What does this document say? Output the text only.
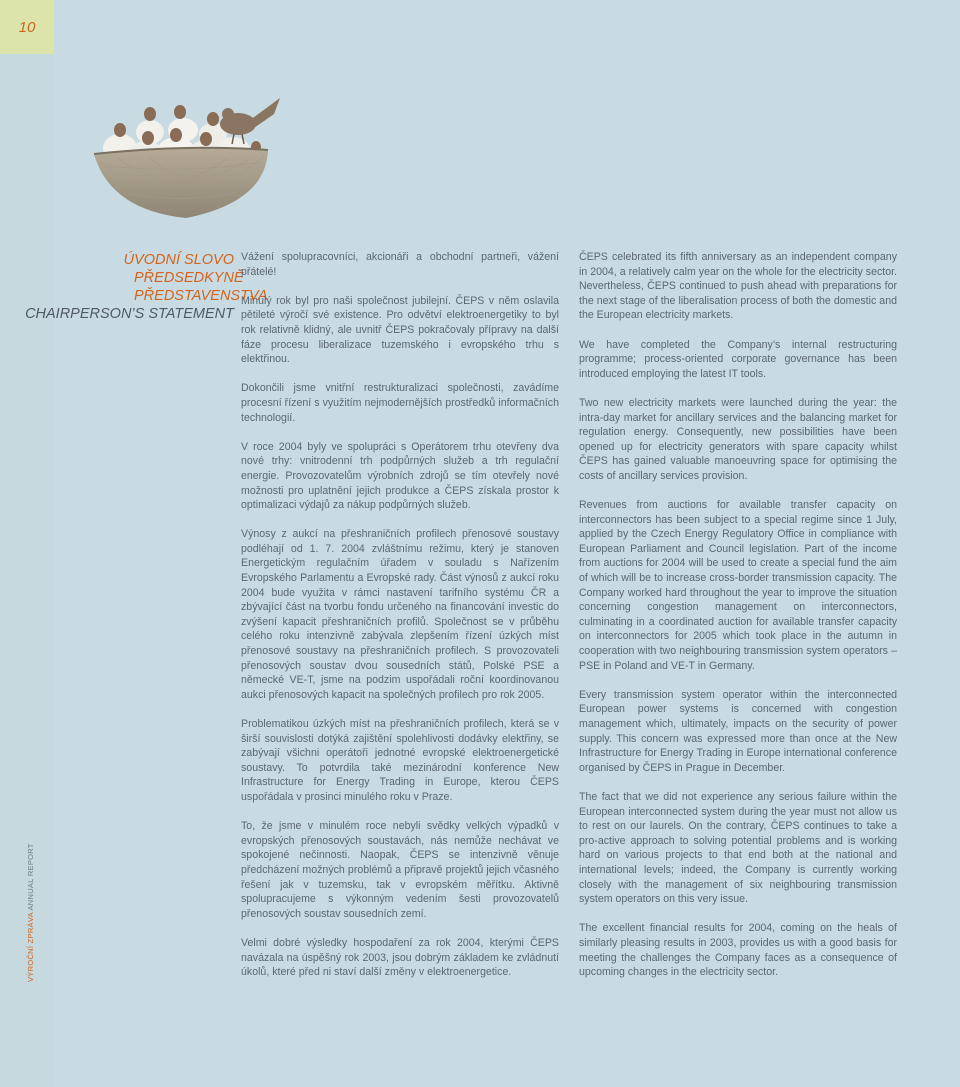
10
VÝROČNÍ ZPRÁVA ANNUAL REPORT
ÚVODNÍ SLOVO
PŘEDSEDKYNĚ PŘEDSTAVENSTVA
CHAIRPERSON’S STATEMENT

Vážení spolupracovníci, akcionáři a obchodní partneři, vážení přátelé!

Minulý rok byl pro naši společnost jubilejní. ČEPS v něm oslavila pětileté výročí své existence. Pro odvětví elektroenergetiky to byl rok relativně klidný, ale uvnitř ČEPS pokračovaly přípravy na další fáze procesu liberalizace tuzemského i evropského trhu s elektřinou.

Dokončili jsme vnitřní restrukturalizaci společnosti, zavádíme procesní řízení s využitím nejmodernějších prostředků informačních technologií.

V roce 2004 byly ve spolupráci s Operátorem trhu otevřeny dva nové trhy: vnitrodenní trh podpůrných služeb a trh regulační energie. Provozovatelům výrobních zdrojů se tím otevřely nové možnosti pro uplatnění jejich produkce a ČEPS získala prostor k optimalizaci výdajů za nákup podpůrných služeb.

Výnosy z aukcí na přeshraničních profilech přenosové soustavy podléhají od 1. 7. 2004 zvláštnímu režimu, který je stanoven Energetickým regulačním úřadem v souladu s Nařízením Evropského Parlamentu a Evropské rady. Část výnosů z aukcí roku 2004 bude využita v rámci nastavení tarifního systému ČR a zbývající část na tvorbu fondu určeného na financování investic do zvýšení kapacit přeshraničních profilů. Společnost se v průběhu celého roku intenzivně zabývala zlepšením řízení úzkých míst přenosové soustavy na přeshraničních profilech. S provozovateli přenosových soustav dvou sousedních států, Polské PSE a německé VE-T, jsme na podzim uspořádali roční koordinovanou aukci přenosových kapacit na společných profilech pro rok 2005.

Problematikou úzkých míst na přeshraničních profilech, která se v širší souvislosti dotýká zajištění spolehlivosti dodávky elektřiny, se zabývají všichni operátoři jednotné evropské elektroenergetické soustavy. To potvrdila také mezinárodní konference New Infrastructure for Energy Trading in Europe, kterou ČEPS uspořádala v prosinci minulého roku v Praze.

To, že jsme v minulém roce nebyli svědky velkých výpadků v evropských přenosových soustavách, nás nemůže nechávat ve spokojené nečinnosti. Naopak, ČEPS se intenzivně věnuje předcházení možných problémů a připravě projektů jejich včasného řešení jak v tuzemsku, tak v evropském měřítku. Aktivně spolupracujeme s výkonným vedením šesti provozovatelů přenosových soustav sousedních zemí.

Velmi dobré výsledky hospodaření za rok 2004, kterými ČEPS navázala na úspěšný rok 2003, jsou dobrým základem ke zvládnutí úkolů, které před ni staví další změny v elektroenergetice.

ČEPS celebrated its fifth anniversary as an independent company in 2004, a relatively calm year on the whole for the electricity sector. Nevertheless, ČEPS continued to push ahead with preparations for the next stage of the liberalisation process of both the domestic and the European electricity markets.

We have completed the Company’s internal restructuring programme; process-oriented corporate governance has been introduced employing the latest IT tools.

Two new electricity markets were launched during the year: the intra-day market for ancillary services and the balancing market for regulation energy. Consequently, new possibilities have been opened up for electricity generators with spare capacity whilst ČEPS has gained valuable manoeuvring space for optimising the costs of ancillary services provision.

Revenues from auctions for available transfer capacity on interconnectors has been subject to a special regime since 1 July, applied by the Czech Energy Regulatory Office in compliance with European Parliament and Council legislation. Part of the income from auctions for 2004 will be used to create a special fund the aim of which will be to increase cross-border transmission capacity. The Company worked hard throughout the year to improve the situation concerning congestion management on interconnectors, culminating in a coordinated auction for available transfer capacity on interconnectors for 2005 which took place in the autumn in cooperation with two neighbouring transmission system operators – PSE in Poland and VE-T in Germany.

Every transmission system operator within the interconnected European power systems is concerned with congestion management which, ultimately, impacts on the security of power supply. This concern was expressed more than once at the New Infrastructure for Energy Trading in Europe international conference organised by ČEPS in Prague in December.

The fact that we did not experience any serious failure within the European interconnected system during the year must not allow us to rest on our laurels. On the contrary, ČEPS continues to take a pro-active approach to solving potential problems and is working hard on various projects to that end both at the national and international levels; indeed, the Company is currently working closely with the management of six neighbouring transmission system operators on this very issue.

The excellent financial results for 2004, coming on the heals of similarly pleasing results in 2003, provides us with a good basis for meeting the challenges the Company faces as a consequence of upcoming changes in the electricity sector.
